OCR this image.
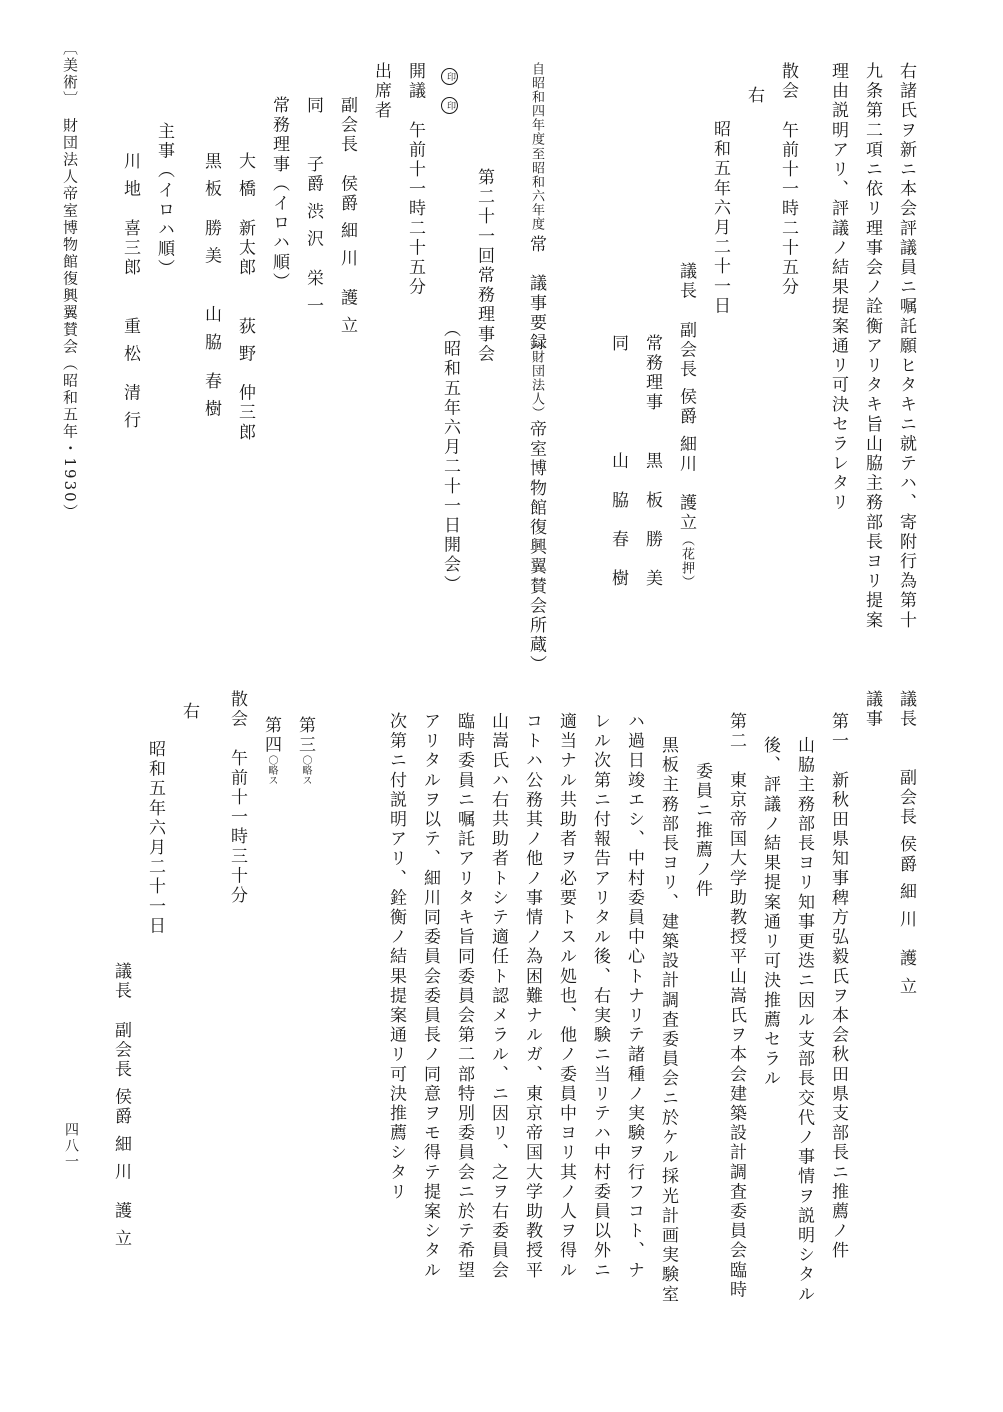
右諸氏ヲ新ニ本会評議員ニ嘱託願ヒタキニ就テハ、寄附行為第十
九条第二項ニ依リ理事会ノ詮衡アリタキ旨山脇主務部長ヨリ提案
理由説明アリ、評議ノ結果提案通リ可決セラレタリ
散会　午前十一時二十五分
右
昭和五年六月二十一日
議長　副会長 侯爵 細川　護立（花押）
常務理事　　黒　板　勝　美
同　　　　　山　脇　春　樹
自昭和四年度
至昭和六年度
常　議事要録
（財団法人）帝室博物館復興翼賛会所蔵）
第二十一回常務理事会
（昭和五年六月二十一日開会）
印 印
開議　午前十一時二十五分
出席者
副会長　侯爵 細 川　護 立
同　　子爵 渋 沢　栄 一
常務理事（イロハ順）
大 橋　新太郎　　荻 野　仲三郎
黒 板　勝 美　　山 脇　春 樹
主事（イロハ順）
川 地　喜三郎　　重 松　清 行
〔美術〕　財団法人帝室博物館復興翼賛会（昭和五年・1930）
議長　　副会長 侯爵 細 川　護 立
議事
第一　新秋田県知事稗方弘毅氏ヲ本会秋田県支部長ニ推薦ノ件
山脇主務部長ヨリ知事更迭ニ因ル支部長交代ノ事情ヲ説明シタル
後、評議ノ結果提案通リ可決推薦セラル
第二　東京帝国大学助教授平山嵩氏ヲ本会建築設計調査委員会臨時
委員ニ推薦ノ件
黒板主務部長ヨリ、建築設計調査委員会ニ於ケル採光計画実験室
ハ過日竣エシ、中村委員中心トナリテ諸種ノ実験ヲ行フコト、ナ
レル次第ニ付報告アリタル後、右実験ニ当リテハ中村委員以外ニ
適当ナル共助者ヲ必要トスル処也、他ノ委員中ヨリ其ノ人ヲ得ル
コトハ公務其ノ他ノ事情ノ為困難ナルガ、東京帝国大学助教授平
山嵩氏ハ右共助者トシテ適任ト認メラル、ニ因リ、之ヲ右委員会
臨時委員ニ嘱託アリタキ旨同委員会第二部特別委員会ニ於テ希望
アリタルヲ以テ、細川同委員会委員長ノ同意ヲモ得テ提案シタル
次第ニ付説明アリ、銓衡ノ結果提案通リ可決推薦シタリ
第三〇略ス
第四〇略ス
散会　午前十一時三十分
右
昭和五年六月二十一日
議長　副会長 侯爵 細 川　護 立
四八一
